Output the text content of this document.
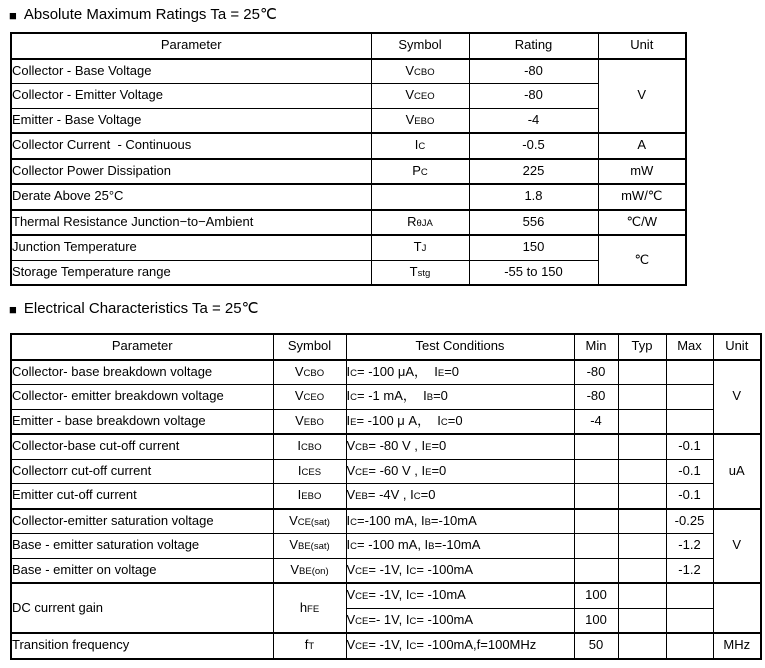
■ Absolute Maximum Ratings Ta = 25℃
Parameter	Symbol	Rating	Unit
Collector - Base Voltage	VCBO	-80	V
Collector - Emitter Voltage	VCEO	-80	
Emitter - Base Voltage	VEBO	-4	
Collector Current  - Continuous	IC	-0.5	A
Collector Power Dissipation	PC	225	mW
Derate Above 25°C		1.8	mW/℃
Thermal Resistance Junction−to−Ambient	RθJA	556	℃/W
Junction Temperature	TJ	150	℃
Storage Temperature range	Tstg	-55 to 150	
■ Electrical Characteristics Ta = 25℃
Parameter	Symbol	Test Conditions	Min	Typ	Max	Unit
Collector- base breakdown voltage	VCBO	IC= -100 μA，  IE=0	-80			V
Collector- emitter breakdown voltage	VCEO	IC= -1 mA，  IB=0	-80			
Emitter - base breakdown voltage	VEBO	IE= -100 μ A，  IC=0	-4			
Collector-base cut-off current	ICBO	VCB= -80 V , IE=0			-0.1	uA
Collectorr cut-off current	ICES	VCE= -60 V , IE=0			-0.1	
Emitter cut-off current	IEBO	VEB= -4V , IC=0			-0.1	
Collector-emitter saturation voltage	VCE(sat)	IC=-100 mA, IB=-10mA			-0.25	V
Base - emitter saturation voltage	VBE(sat)	IC= -100 mA, IB=-10mA			-1.2	
Base - emitter on voltage	VBE(on)	VCE= -1V, IC= -100mA			-1.2	
DC current gain	hFE	VCE= -1V, IC= -10mA	100			
		VCE=- 1V, IC= -100mA	100			
Transition frequency	fT	VCE= -1V, IC= -100mA,f=100MHz	50			MHz
